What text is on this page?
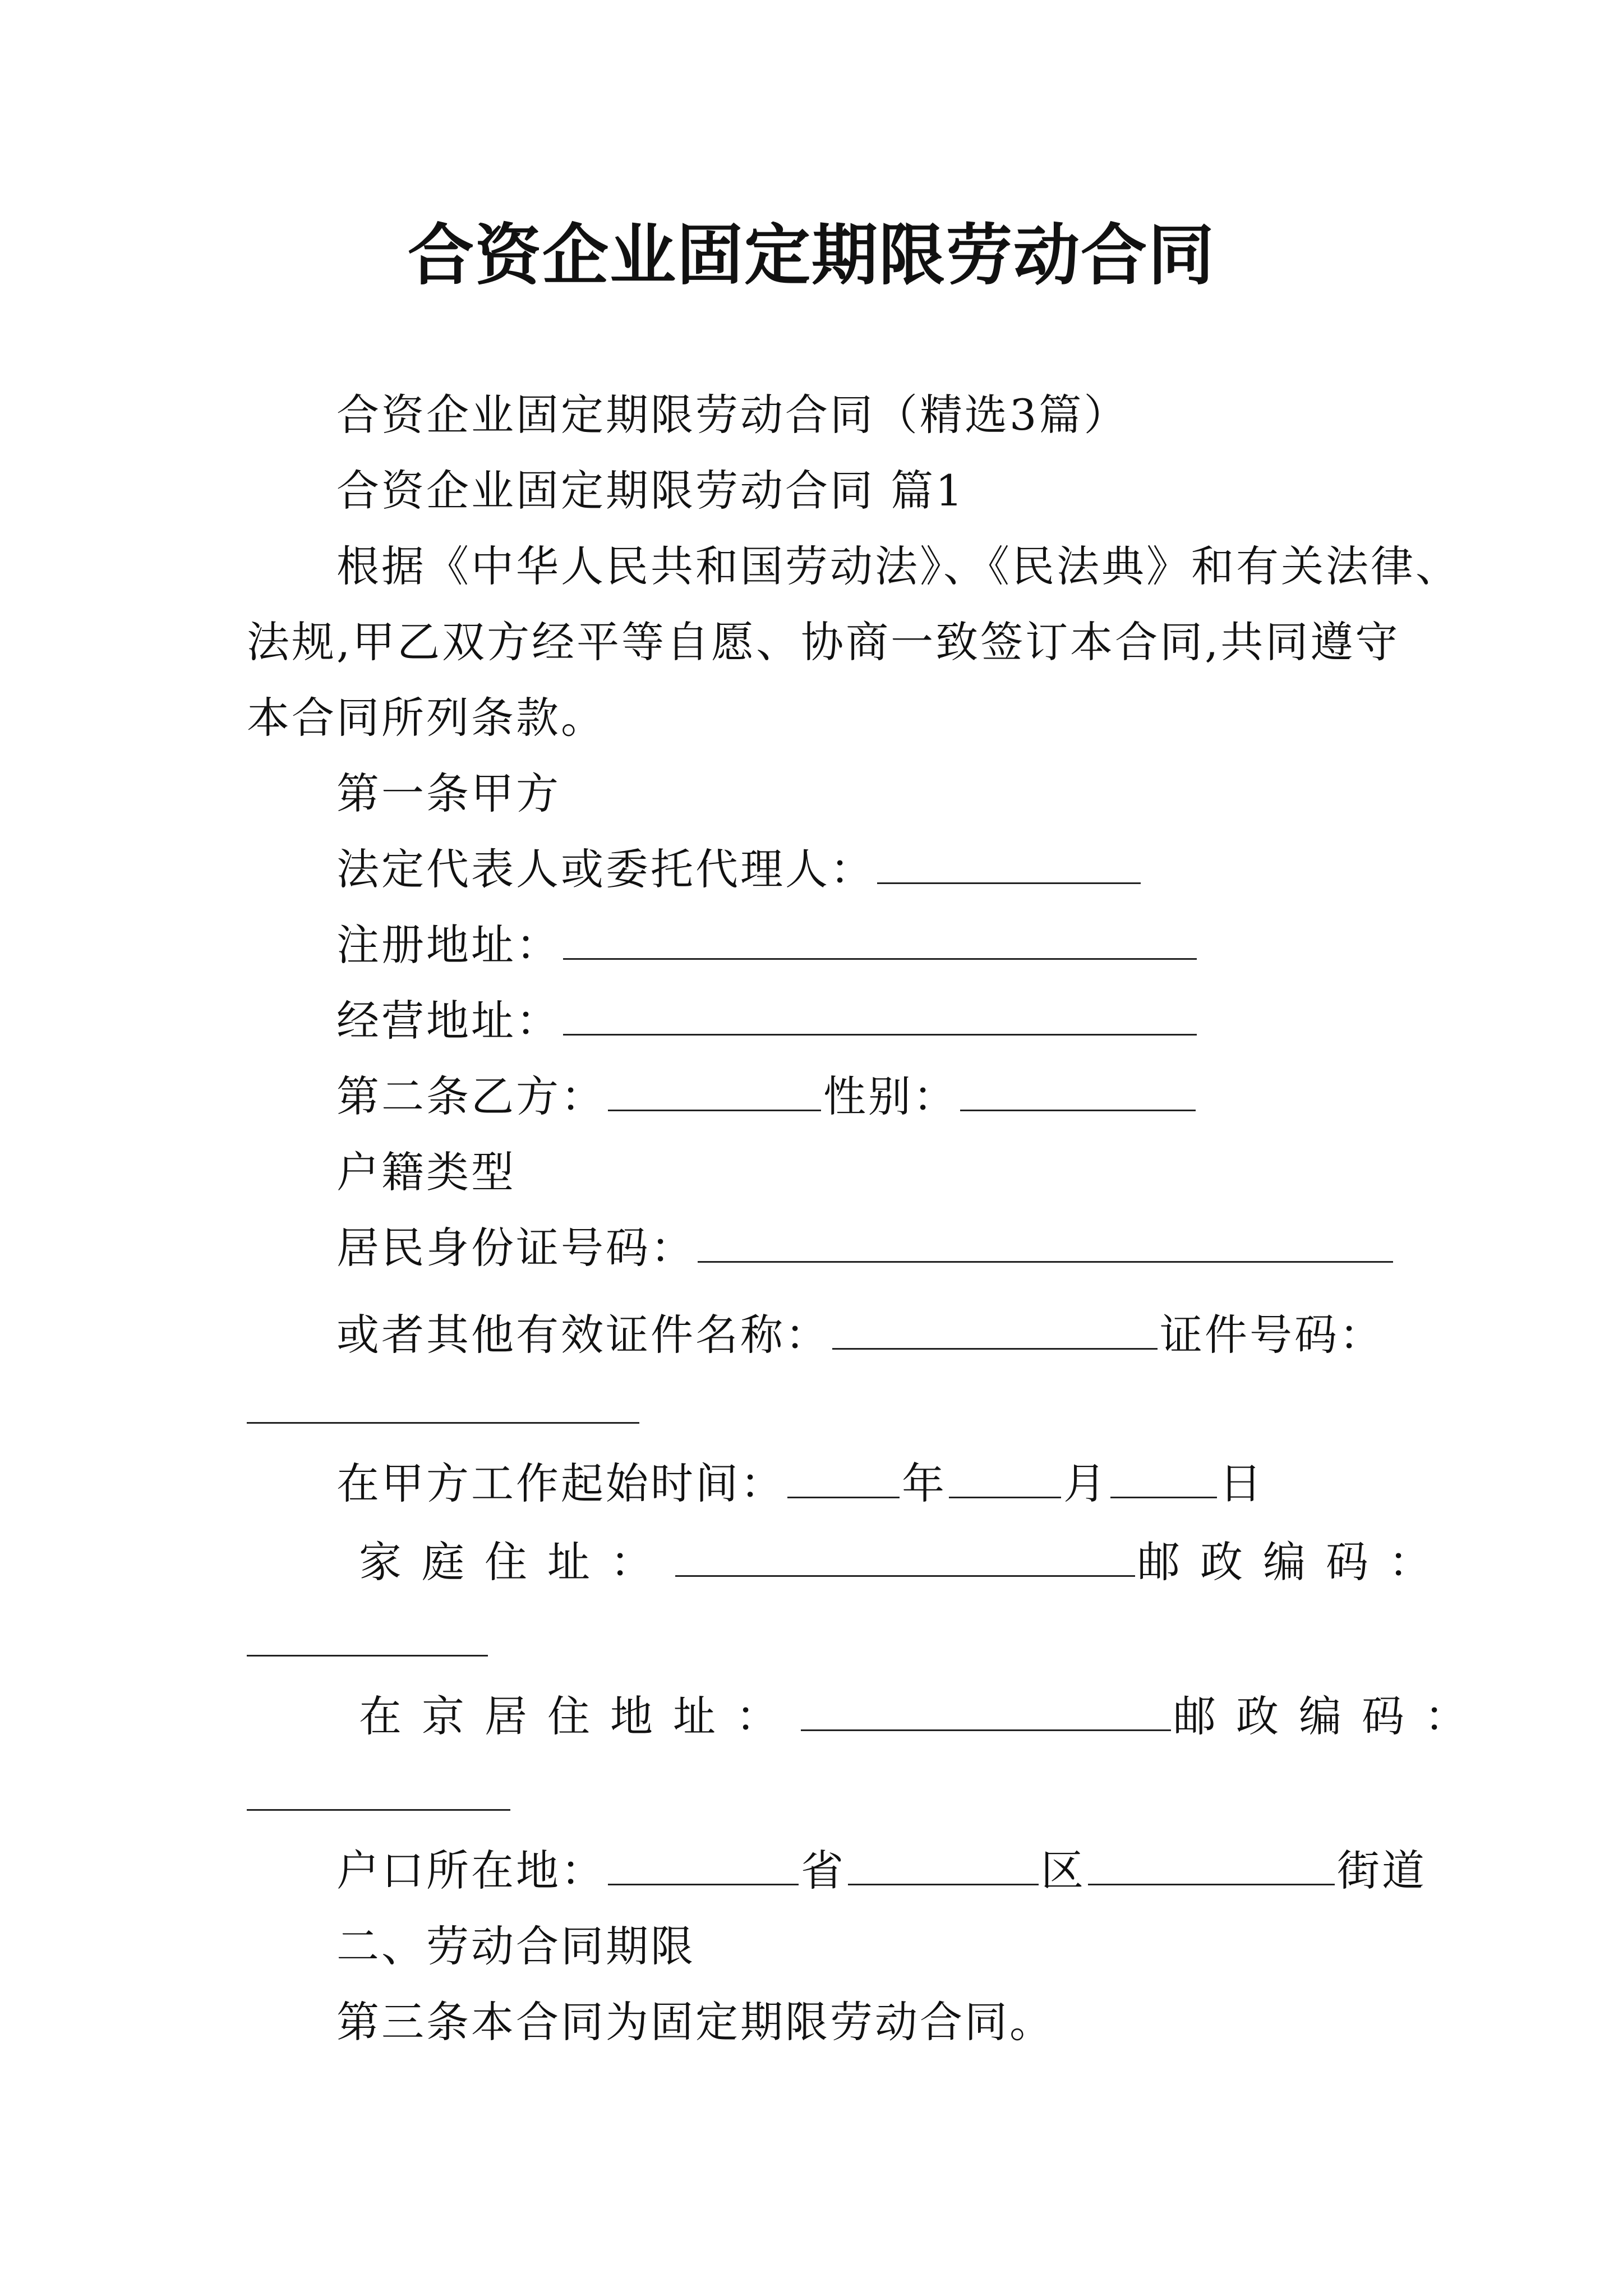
合资企业固定期限劳动合同
合资企业固定期限劳动合同（精选3篇）
合资企业固定期限劳动合同 篇1
根据《中华人民共和国劳动法》、《民法典》和有关法律、
法规,甲乙双方经平等自愿、协商一致签订本合同,共同遵守
本合同所列条款。
第一条甲方
法定代表人或委托代理人：
注册地址：
经营地址：
第二条乙方：	性别：
户籍类型
居民身份证号码：
或者其他有效证件名称：	证件号码：
在甲方工作起始时间：	年	月	日
家庭住址：	邮政编码：
在京居住地址：	邮政编码：
户口所在地：	省	区	街道
二、劳动合同期限
第三条本合同为固定期限劳动合同。
